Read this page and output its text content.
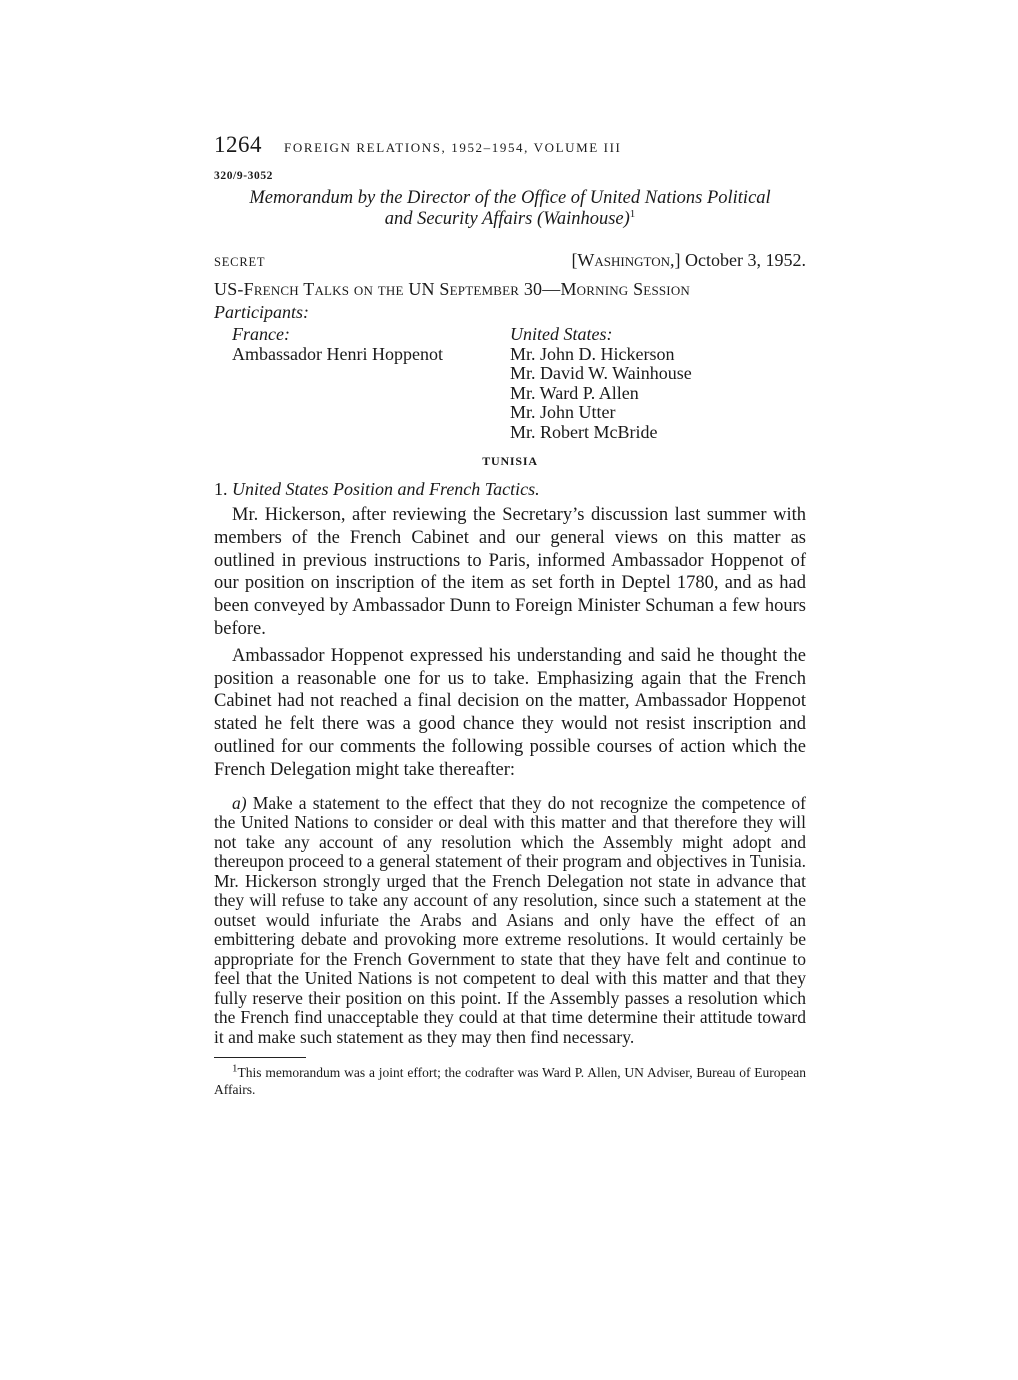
1264 FOREIGN RELATIONS, 1952–1954, VOLUME III
320/9-3052
Memorandum by the Director of the Office of United Nations Political
and Security Affairs (Wainhouse)$^1$
SECRET	[Washington,] October 3, 1952.
US-French Talks on the UN September 30—Morning Session
Participants:
France:
Ambassador Henri Hoppenot
United States:
Mr. John D. Hickerson
Mr. David W. Wainhouse
Mr. Ward P. Allen
Mr. John Utter
Mr. Robert McBride
TUNISIA
1. United States Position and French Tactics.

Mr. Hickerson, after reviewing the Secretary’s discussion last summer with members of the French Cabinet and our general views on this matter as outlined in previous instructions to Paris, informed Ambassador Hoppenot of our position on inscription of the item as set forth in Deptel 1780, and as had been conveyed by Ambassador Dunn to Foreign Minister Schuman a few hours before.

Ambassador Hoppenot expressed his understanding and said he thought the position a reasonable one for us to take. Emphasizing again that the French Cabinet had not reached a final decision on the matter, Ambassador Hoppenot stated he felt there was a good chance they would not resist inscription and outlined for our comments the following possible courses of action which the French Delegation might take thereafter:

a) Make a statement to the effect that they do not recognize the competence of the United Nations to consider or deal with this matter and that therefore they will not take any account of any resolution which the Assembly might adopt and thereupon proceed to a general statement of their program and objectives in Tunisia. Mr. Hickerson strongly urged that the French Delegation not state in advance that they will refuse to take any account of any resolution, since such a statement at the outset would infuriate the Arabs and Asians and only have the effect of an embittering debate and provoking more extreme resolutions. It would certainly be appropriate for the French Government to state that they have felt and continue to feel that the United Nations is not competent to deal with this matter and that they fully reserve their position on this point. If the Assembly passes a resolution which the French find unacceptable they could at that time determine their attitude toward it and make such statement as they may then find necessary.

$^1$This memorandum was a joint effort; the codrafter was Ward P. Allen, UN Adviser, Bureau of European Affairs.
